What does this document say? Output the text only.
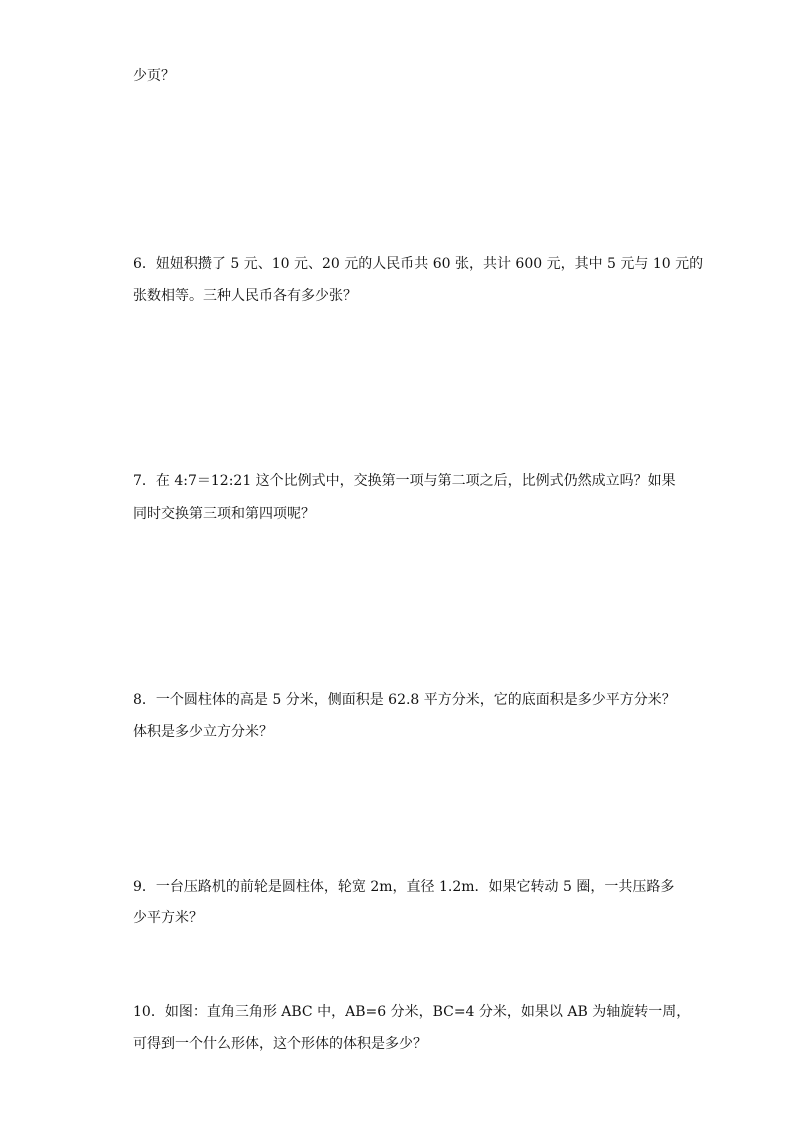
少页？
6．妞妞积攒了 5 元、10 元、20 元的人民币共 60 张，共计 600 元，其中 5 元与 10 元的
张数相等。三种人民币各有多少张？
7．在 4:7＝12:21 这个比例式中，交换第一项与第二项之后，比例式仍然成立吗？如果
同时交换第三项和第四项呢？
8．一个圆柱体的高是 5 分米，侧面积是 62.8 平方分米，它的底面积是多少平方分米？
体积是多少立方分米？
9．一台压路机的前轮是圆柱体，轮宽 2m，直径 1.2m．如果它转动 5 圈，一共压路多
少平方米？
10．如图：直角三角形 ABC 中，AB=6 分米，BC=4 分米，如果以 AB 为轴旋转一周，
可得到一个什么形体，这个形体的体积是多少？
